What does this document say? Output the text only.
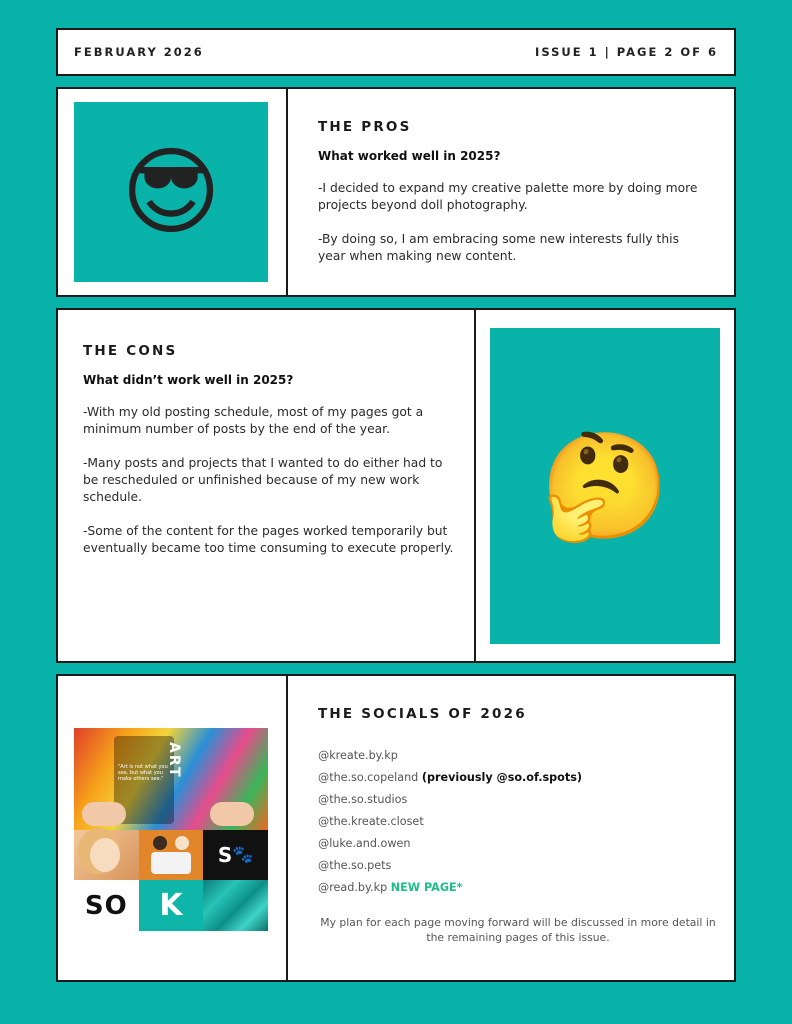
FEBRUARY 2026	ISSUE 1 | PAGE 2 OF 6
😎
THE PROS
What worked well in 2025?
-I decided to expand my creative palette more by doing more projects beyond doll photography.
-By doing so, I am embracing some new interests fully this year when making new content.
THE CONS
What didn’t work well in 2025?
-With my old posting schedule, most of my pages got a minimum number of posts by the end of the year.
-Many posts and projects that I wanted to do either had to be rescheduled or unfinished because of my new work schedule.
-Some of the content for the pages worked temporarily but eventually became too time consuming to execute properly.
🤔
ART
"Art is not what you see, but what you make others see."
S 🐾
SO K
THE SOCIALS OF 2026
@kreate.by.kp
@the.so.copeland (previously @so.of.spots)
@the.so.studios
@the.kreate.closet
@luke.and.owen
@the.so.pets
@read.by.kp NEW PAGE*
My plan for each page moving forward will be discussed in more detail in the remaining pages of this issue.
